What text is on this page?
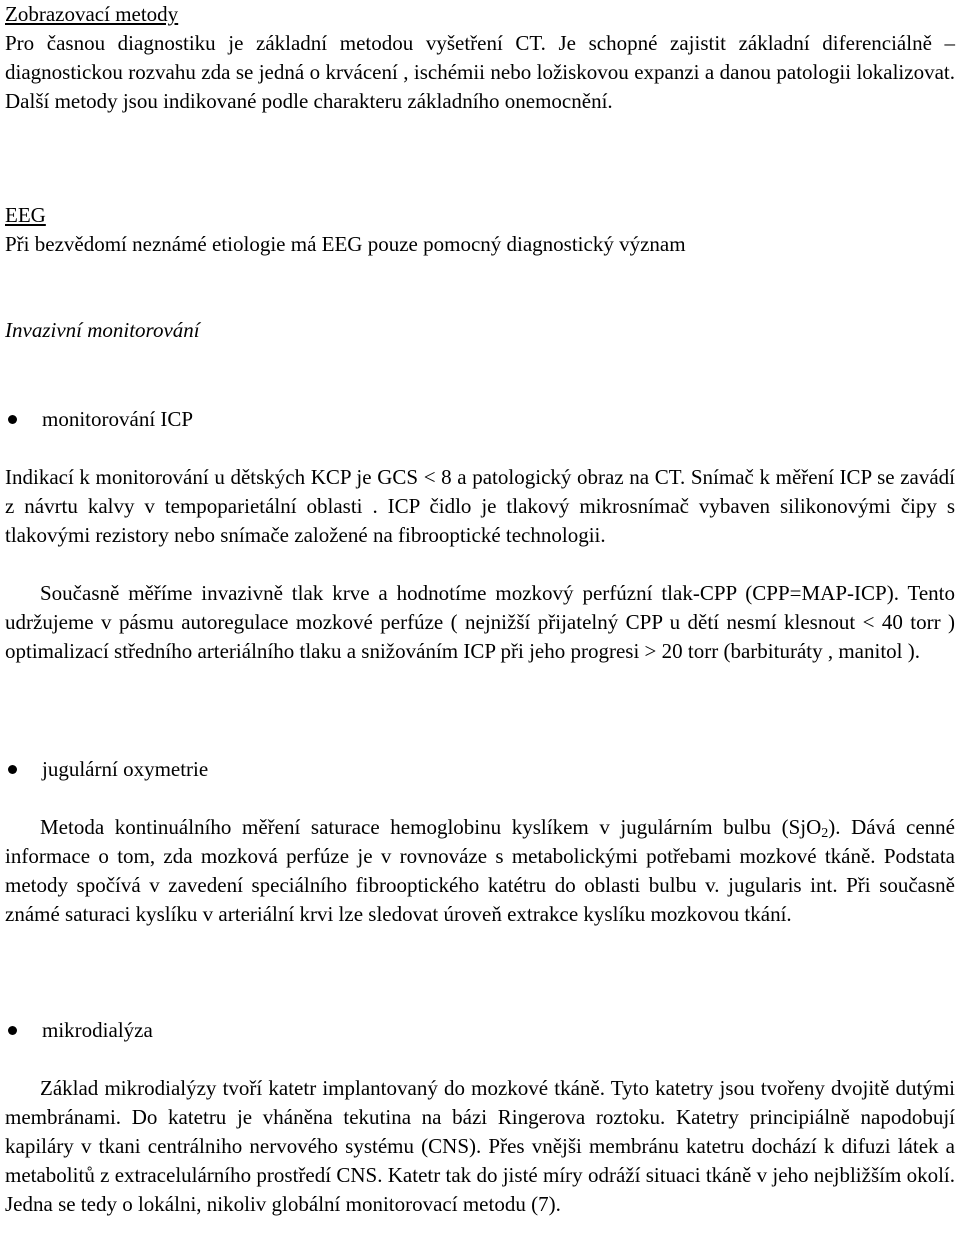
Zobrazovací metody
Pro časnou diagnostiku je základní metodou vyšetření CT. Je schopné zajistit základní diferenciálně – diagnostickou rozvahu zda se jedná o krvácení , ischémii nebo ložiskovou expanzi a danou patologii lokalizovat. Další metody jsou indikované podle charakteru základního onemocnění.
EEG
Při bezvědomí neznámé etiologie má EEG pouze pomocný diagnostický význam
Invazivní monitorování
monitorování ICP
Indikací k monitorování u dětských KCP je GCS < 8 a patologický obraz na CT. Snímač k měření ICP se zavádí z návrtu kalvy v tempoparietální oblasti . ICP čidlo je tlakový mikrosnímač vybaven silikonovými čipy s tlakovými rezistory nebo snímače založené na fibrooptické technologii.
Současně měříme invazivně tlak krve a hodnotíme mozkový perfúzní tlak-CPP (CPP=MAP-ICP). Tento udržujeme v pásmu autoregulace mozkové perfúze ( nejnižší přijatelný CPP u dětí nesmí klesnout < 40 torr ) optimalizací středního arteriálního tlaku a snižováním ICP při jeho progresi > 20 torr (barbituráty , manitol ).
jugulární oxymetrie
Metoda kontinuálního měření saturace hemoglobinu kyslíkem v jugulárním bulbu (SjO$_2$). Dává cenné informace o tom, zda mozková perfúze je v rovnováze s metabolickými potřebami mozkové tkáně. Podstata metody spočívá v zavedení speciálního fibrooptického katétru do oblasti bulbu v. jugularis int. Při současně známé saturaci kyslíku v arteriální krvi lze sledovat úroveň extrakce kyslíku mozkovou tkání.
mikrodialýza
Základ mikrodialýzy tvoří katetr implantovaný do mozkové tkáně. Tyto katetry jsou tvořeny dvojitě dutými membránami. Do katetru je vháněna tekutina na bázi Ringerova roztoku. Katetry principiálně napodobují kapiláry v tkani centrálniho nervového systému (CNS). Přes vnějši membránu katetru dochází k difuzi látek a metabolitů z extracelulárního prostředí CNS. Katetr tak do jisté míry odráží situaci tkáně v jeho nejbližším okolí. Jedna se tedy o lokálni, nikoliv globální monitorovací metodu (7).
